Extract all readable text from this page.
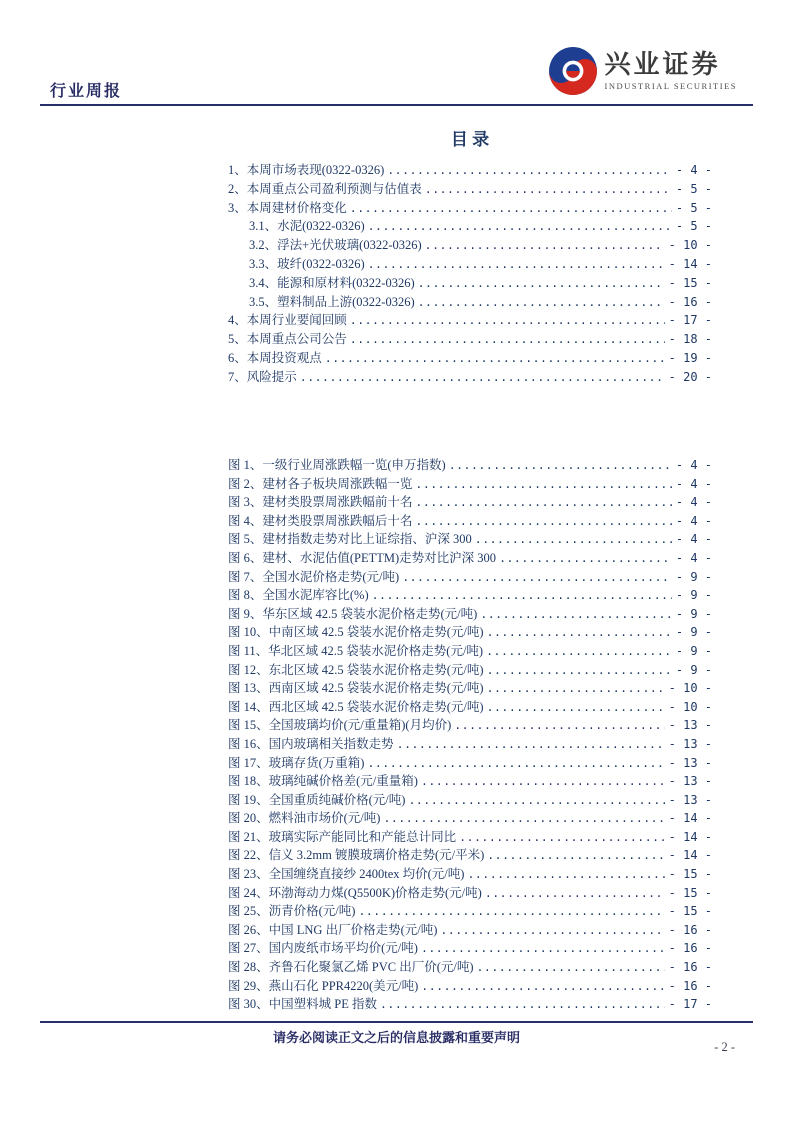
行业周报
兴业证券
INDUSTRIAL SECURITIES
目 录
1、本周市场表现(0322-0326) .....	- 4 -
2、本周重点公司盈利预测与估值表 .....	- 5 -
3、本周建材价格变化 .....	- 5 -
3.1、水泥(0322-0326) .....	- 5 -
3.2、浮法+光伏玻璃(0322-0326) .....	- 10 -
3.3、玻纤(0322-0326) .....	- 14 -
3.4、能源和原材料(0322-0326) .....	- 15 -
3.5、塑料制品上游(0322-0326) .....	- 16 -
4、本周行业要闻回顾 .....	- 17 -
5、本周重点公司公告 .....	- 18 -
6、本周投资观点 .....	- 19 -
7、风险提示 .....	- 20 -
图 1、一级行业周涨跌幅一览(申万指数) .....	- 4 -
图 2、建材各子板块周涨跌幅一览 .....	- 4 -
图 3、建材类股票周涨跌幅前十名 .....	- 4 -
图 4、建材类股票周涨跌幅后十名 .....	- 4 -
图 5、建材指数走势对比上证综指、沪深 300 .....	- 4 -
图 6、建材、水泥估值(PETTM)走势对比沪深 300 .....	- 4 -
图 7、全国水泥价格走势(元/吨) .....	- 9 -
图 8、全国水泥库容比(%) .....	- 9 -
图 9、华东区域 42.5 袋装水泥价格走势(元/吨) .....	- 9 -
图 10、中南区域 42.5 袋装水泥价格走势(元/吨) .....	- 9 -
图 11、华北区域 42.5 袋装水泥价格走势(元/吨) .....	- 9 -
图 12、东北区域 42.5 袋装水泥价格走势(元/吨) .....	- 9 -
图 13、西南区域 42.5 袋装水泥价格走势(元/吨) .....	- 10 -
图 14、西北区域 42.5 袋装水泥价格走势(元/吨) .....	- 10 -
图 15、全国玻璃均价(元/重量箱)(月均价) .....	- 13 -
图 16、国内玻璃相关指数走势 .....	- 13 -
图 17、玻璃存货(万重箱) .....	- 13 -
图 18、玻璃纯碱价格差(元/重量箱) .....	- 13 -
图 19、全国重质纯碱价格(元/吨) .....	- 13 -
图 20、燃料油市场价(元/吨) .....	- 14 -
图 21、玻璃实际产能同比和产能总计同比 .....	- 14 -
图 22、信义 3.2mm 镀膜玻璃价格走势(元/平米) .....	- 14 -
图 23、全国缠绕直接纱 2400tex 均价(元/吨) .....	- 15 -
图 24、环渤海动力煤(Q5500K)价格走势(元/吨) .....	- 15 -
图 25、沥青价格(元/吨) .....	- 15 -
图 26、中国 LNG 出厂价格走势(元/吨) .....	- 16 -
图 27、国内废纸市场平均价(元/吨) .....	- 16 -
图 28、齐鲁石化聚氯乙烯 PVC 出厂价(元/吨) .....	- 16 -
图 29、燕山石化 PPR4220(美元/吨) .....	- 16 -
图 30、中国塑料城 PE 指数 .....	- 17 -
请务必阅读正文之后的信息披露和重要声明
- 2 -
